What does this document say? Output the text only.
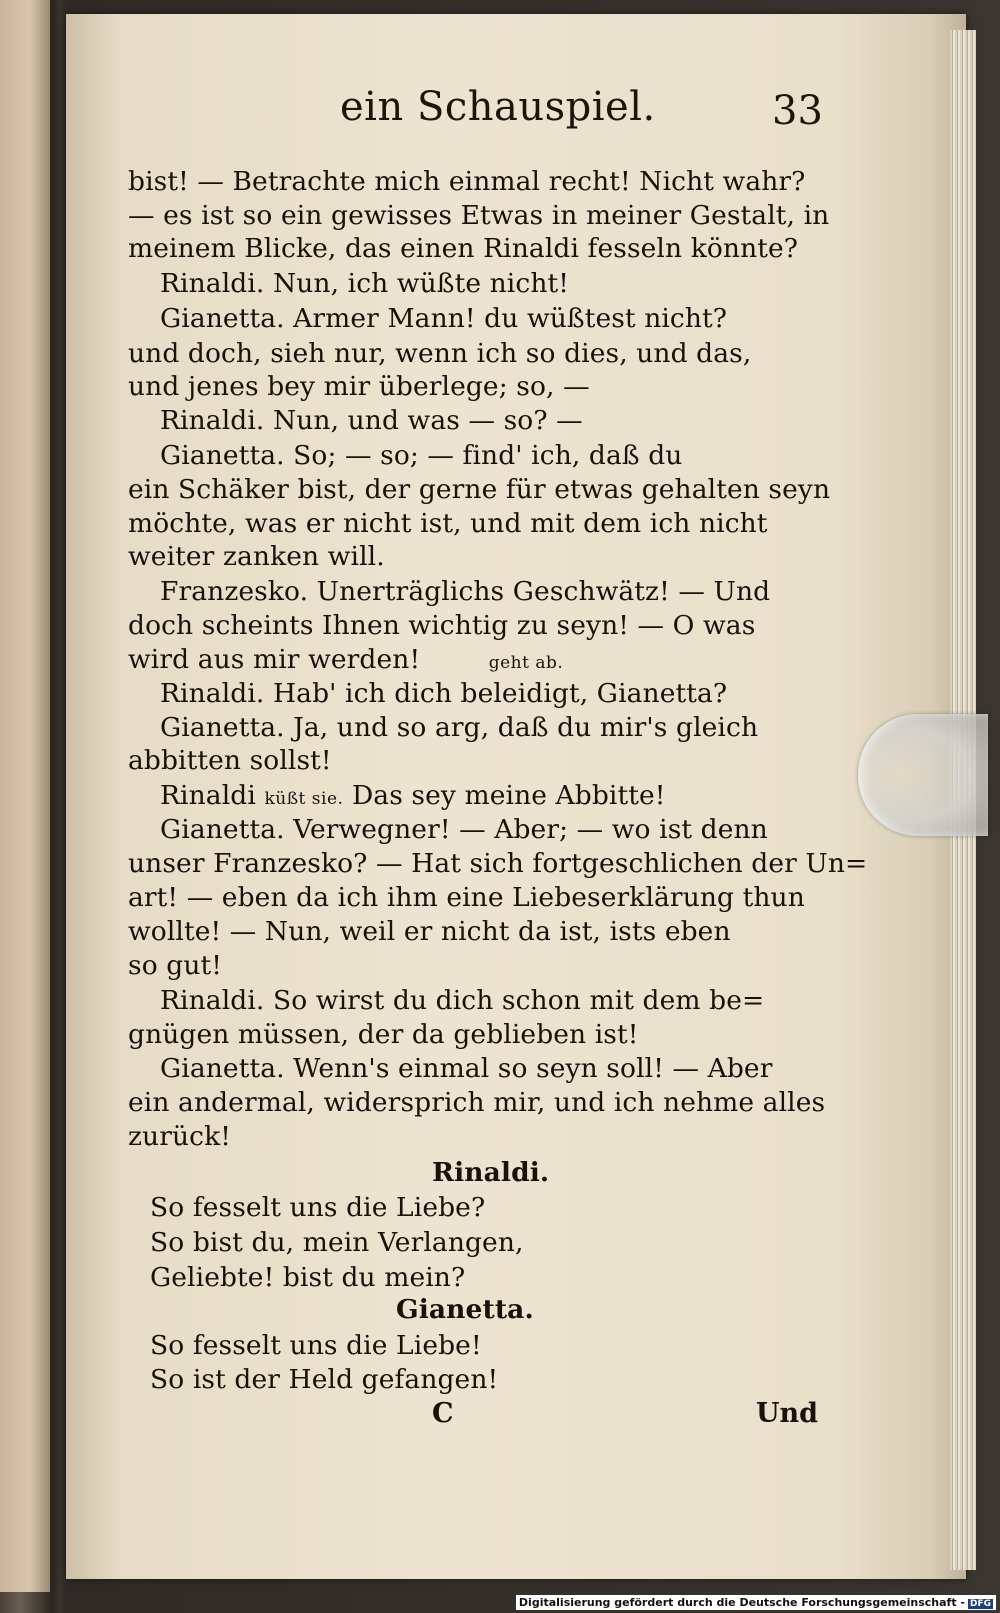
ein Schauspiel.	33
bist! — Betrachte mich einmal recht! Nicht wahr?
— es ist so ein gewisses Etwas in meiner Gestalt, in
meinem Blicke, das einen Rinaldi fesseln könnte?
Rinaldi. Nun, ich wüßte nicht!
Gianetta. Armer Mann! du wüßtest nicht?
und doch, sieh nur, wenn ich so dies, und das,
und jenes bey mir überlege; so, —
Rinaldi. Nun, und was — so? —
Gianetta. So; — so; — find' ich, daß du
ein Schäker bist, der gerne für etwas gehalten seyn
möchte, was er nicht ist, und mit dem ich nicht
weiter zanken will.
Franzesko. Unerträglichs Geschwätz! — Und
doch scheints Ihnen wichtig zu seyn! — O was
wird aus mir werden!	geht ab.
Rinaldi. Hab' ich dich beleidigt, Gianetta?
Gianetta. Ja, und so arg, daß du mir's gleich
abbitten sollst!
Rinaldi küßt sie. Das sey meine Abbitte!
Gianetta. Verwegner! — Aber; — wo ist denn
unser Franzesko? — Hat sich fortgeschlichen der Un=
art! — eben da ich ihm eine Liebeserklärung thun
wollte! — Nun, weil er nicht da ist, ists eben
so gut!
Rinaldi. So wirst du dich schon mit dem be=
gnügen müssen, der da geblieben ist!
Gianetta. Wenn's einmal so seyn soll! — Aber
ein andermal, widersprich mir, und ich nehme alles
zurück!
Rinaldi.
So fesselt uns die Liebe?
So bist du, mein Verlangen,
Geliebte! bist du mein?
Gianetta.
So fesselt uns die Liebe!
So ist der Held gefangen!
C	Und
Digitalisierung gefördert durch die Deutsche Forschungsgemeinschaft - DFG
